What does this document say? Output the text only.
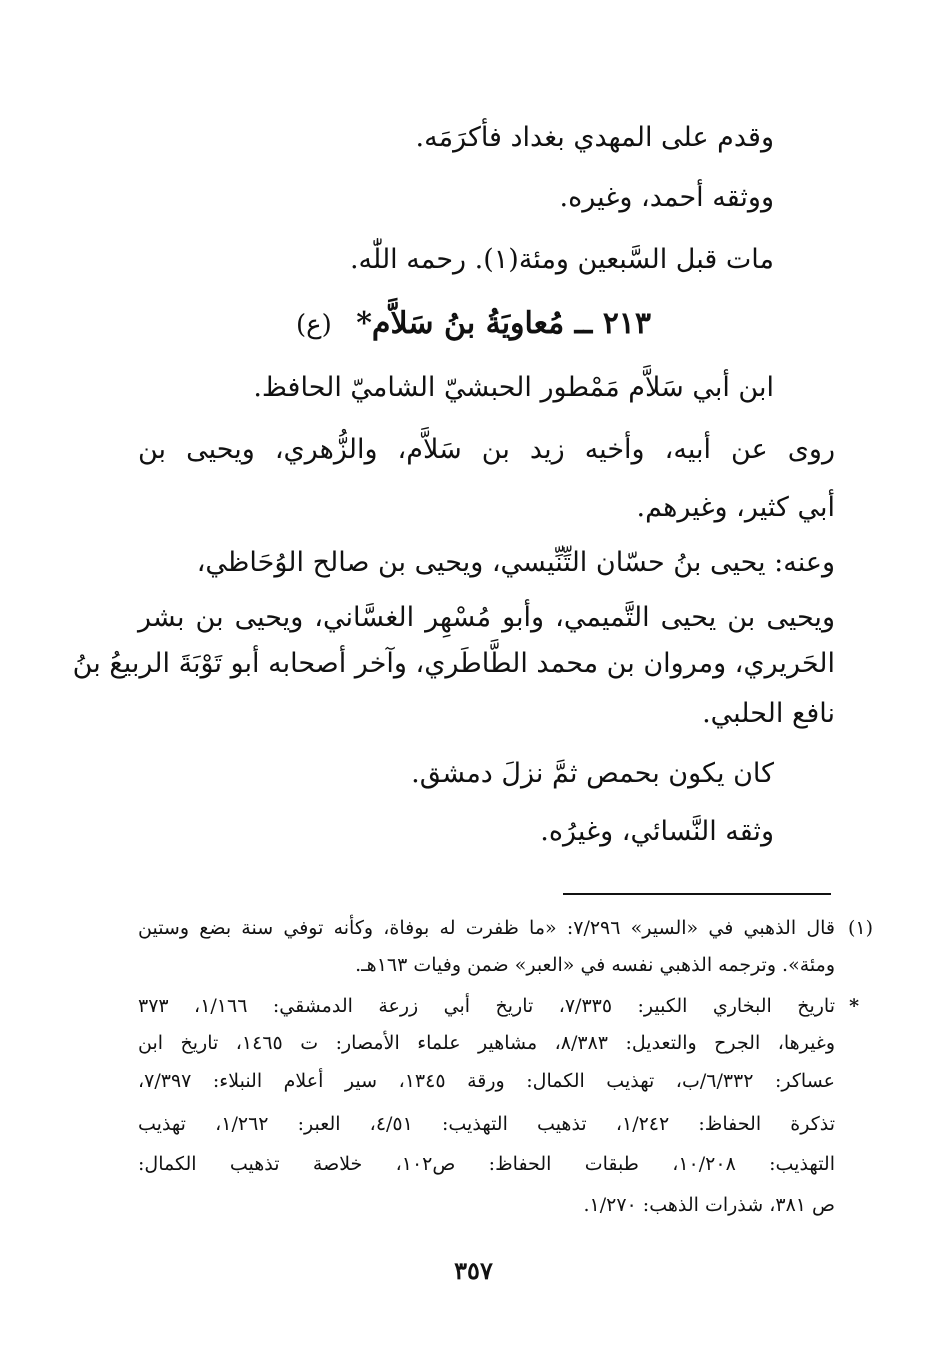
وقدم على المهدي بغداد فأكرَمَه.

ووثقه أحمد، وغيره.

مات قبل السَّبعين ومئة(١). رحمه اللّٰه.

٢١٣ ــ مُعاويَةُ بنُ سَلاَّم* (ع)

ابن أبي سَلاَّم مَمْطور الحبشيّ الشاميّ الحافظ.

روى عن أبيه، وأخيه زيد بن سَلاَّم، والزُّهري، ويحيى بن

أبي كثير، وغيرهم.

وعنه: يحيى بنُ حسّان التِّنِّيسي، ويحيى بن صالح الوُحَاظي،

ويحيى بن يحيى التَّميمي، وأبو مُسْهِر الغسَّاني، ويحيى بن بشر

الحَريري، ومروان بن محمد الطَّاطَري، وآخر أصحابه أبو تَوْبَةَ الربيعُ بنُ

نافع الحلبي.

كان يكون بحمص ثمَّ نزلَ دمشق.

وثقه النَّسائي، وغيرُه.

(١)

قال الذهبي في «السير» ٧/٢٩٦: «ما ظفرت له بوفاة، وكأنه توفي سنة بضع وستين

ومئة». وترجمه الذهبي نفسه في «العبر» ضمن وفيات ١٦٣هـ.

*

تاريخ البخاري الكبير: ٧/٣٣٥، تاريخ أبي زرعة الدمشقي: ١/١٦٦، ٣٧٣

وغيرها، الجرح والتعديل: ٨/٣٨٣، مشاهير علماء الأمصار: ت ١٤٦٥، تاريخ ابن

عساكر: ٦/٣٣٢/ب، تهذيب الكمال: ورقة ١٣٤٥، سير أعلام النبلاء: ٧/٣٩٧،

تذكرة الحفاظ: ١/٢٤٢، تذهيب التهذيب: ٤/٥١، العبر: ١/٢٦٢، تهذيب

التهذيب: ١٠/٢٠٨، طبقات الحفاظ: ص١٠٢، خلاصة تذهيب الكمال:

ص ٣٨١، شذرات الذهب: ١/٢٧٠.

٣٥٧
